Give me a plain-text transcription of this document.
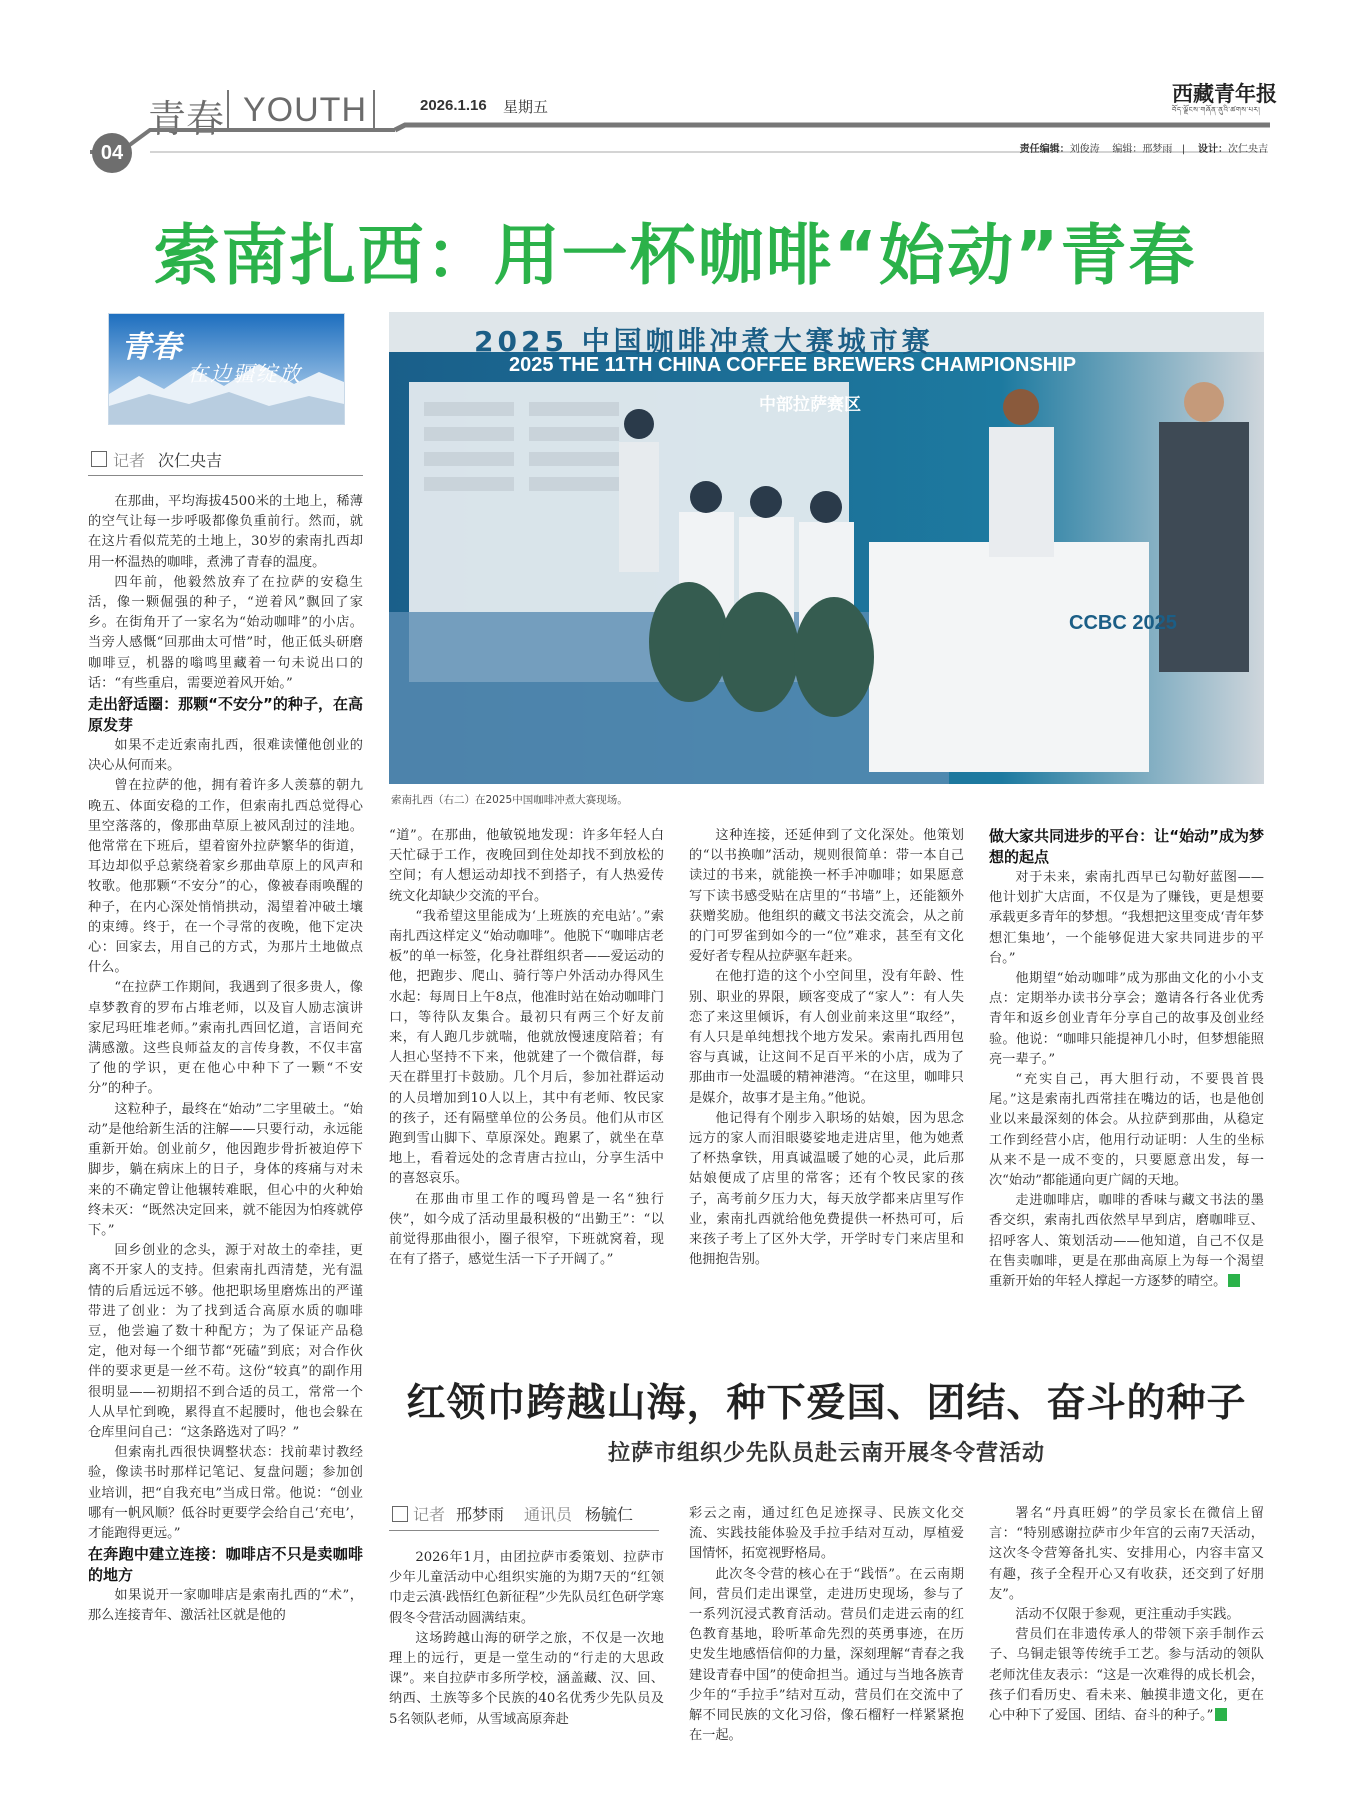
青春 YOUTH	2026.1.16 星期五
西藏青年报
བོད་ལྗོངས་གཞོན་ནུའི་ཚགས་པར།
04	责任编辑：刘俊涛 编辑：邢梦雨   |    设计：次仁央吉
索南扎西：用一杯咖啡“始动”青春
青春
在边疆绽放
记者 次仁央吉

在那曲，平均海拔4500米的土地上，稀薄的空气让每一步呼吸都像负重前行。然而，就在这片看似荒芜的土地上，30岁的索南扎西却用一杯温热的咖啡，煮沸了青春的温度。

四年前，他毅然放弃了在拉萨的安稳生活，像一颗倔强的种子，“逆着风”飘回了家乡。在街角开了一家名为“始动咖啡”的小店。当旁人感慨“回那曲太可惜”时，他正低头研磨咖啡豆，机器的嗡鸣里藏着一句未说出口的话：“有些重启，需要逆着风开始。”

走出舒适圈：那颗“不安分”的种子，在高原发芽

如果不走近索南扎西，很难读懂他创业的决心从何而来。

曾在拉萨的他，拥有着许多人羡慕的朝九晚五、体面安稳的工作，但索南扎西总觉得心里空落落的，像那曲草原上被风刮过的洼地。他常常在下班后，望着窗外拉萨繁华的街道，耳边却似乎总萦绕着家乡那曲草原上的风声和牧歌。他那颗“不安分”的心，像被春雨唤醒的种子，在内心深处悄悄拱动，渴望着冲破土壤的束缚。终于，在一个寻常的夜晚，他下定决心：回家去，用自己的方式，为那片土地做点什么。

“在拉萨工作期间，我遇到了很多贵人，像卓梦教育的罗布占堆老师，以及盲人励志演讲家尼玛旺堆老师。”索南扎西回忆道，言语间充满感激。这些良师益友的言传身教，不仅丰富了他的学识，更在他心中种下了一颗“不安分”的种子。

这粒种子，最终在“始动”二字里破土。“始动”是他给新生活的注解——只要行动，永远能重新开始。创业前夕，他因跑步骨折被迫停下脚步，躺在病床上的日子，身体的疼痛与对未来的不确定曾让他辗转难眠，但心中的火种始终未灭：“既然决定回来，就不能因为怕疼就停下。”

回乡创业的念头，源于对故土的牵挂，更离不开家人的支持。但索南扎西清楚，光有温情的后盾远远不够。他把职场里磨炼出的严谨带进了创业：为了找到适合高原水质的咖啡豆，他尝遍了数十种配方；为了保证产品稳定，他对每一个细节都“死磕”到底；对合作伙伴的要求更是一丝不苟。这份“较真”的副作用很明显——初期招不到合适的员工，常常一个人从早忙到晚，累得直不起腰时，他也会躲在仓库里问自己：“这条路选对了吗？”

但索南扎西很快调整状态：找前辈讨教经验，像读书时那样记笔记、复盘问题；参加创业培训，把“自我充电”当成日常。他说：“创业哪有一帆风顺？低谷时更要学会给自己‘充电’，才能跑得更远。”

在奔跑中建立连接：咖啡店不只是卖咖啡的地方

如果说开一家咖啡店是索南扎西的“术”，那么连接青年、激活社区就是他的

2025 中国咖啡冲煮大赛城市赛
2025 THE 11TH CHINA COFFEE BREWERS CHAMPIONSHIP
中部拉萨赛区
CCBC 2025
索南扎西（右二）在2025中国咖啡冲煮大赛现场。

“道”。在那曲，他敏锐地发现：许多年轻人白天忙碌于工作，夜晚回到住处却找不到放松的空间；有人想运动却找不到搭子，有人热爱传统文化却缺少交流的平台。

“我希望这里能成为‘上班族的充电站’。”索南扎西这样定义“始动咖啡”。他脱下“咖啡店老板”的单一标签，化身社群组织者——爱运动的他，把跑步、爬山、骑行等户外活动办得风生水起：每周日上午8点，他准时站在始动咖啡门口，等待队友集合。最初只有两三个好友前来，有人跑几步就喘，他就放慢速度陪着；有人担心坚持不下来，他就建了一个微信群，每天在群里打卡鼓励。几个月后，参加社群运动的人员增加到10人以上，其中有老师、牧民家的孩子，还有隔壁单位的公务员。他们从市区跑到雪山脚下、草原深处。跑累了，就坐在草地上，看着远处的念青唐古拉山，分享生活中的喜怒哀乐。

在那曲市里工作的嘎玛曾是一名“独行侠”，如今成了活动里最积极的“出勤王”：“以前觉得那曲很小，圈子很窄，下班就窝着，现在有了搭子，感觉生活一下子开阔了。”

这种连接，还延伸到了文化深处。他策划的“以书换咖”活动，规则很简单：带一本自己读过的书来，就能换一杯手冲咖啡；如果愿意写下读书感受贴在店里的“书墙”上，还能额外获赠奖励。他组织的藏文书法交流会，从之前的门可罗雀到如今的一“位”难求，甚至有文化爱好者专程从拉萨驱车赶来。

在他打造的这个小空间里，没有年龄、性别、职业的界限，顾客变成了“家人”：有人失恋了来这里倾诉，有人创业前来这里“取经”，有人只是单纯想找个地方发呆。索南扎西用包容与真诚，让这间不足百平米的小店，成为了那曲市一处温暖的精神港湾。“在这里，咖啡只是媒介，故事才是主角。”他说。

他记得有个刚步入职场的姑娘，因为思念远方的家人而泪眼婆娑地走进店里，他为她煮了杯热拿铁，用真诚温暖了她的心灵，此后那姑娘便成了店里的常客；还有个牧民家的孩子，高考前夕压力大，每天放学都来店里写作业，索南扎西就给他免费提供一杯热可可，后来孩子考上了区外大学，开学时专门来店里和他拥抱告别。

做大家共同进步的平台：让“始动”成为梦想的起点

对于未来，索南扎西早已勾勒好蓝图——他计划扩大店面，不仅是为了赚钱，更是想要承载更多青年的梦想。“我想把这里变成‘青年梦想汇集地’，一个能够促进大家共同进步的平台。”

他期望“始动咖啡”成为那曲文化的小小支点：定期举办读书分享会；邀请各行各业优秀青年和返乡创业青年分享自己的故事及创业经验。他说：“咖啡只能提神几小时，但梦想能照亮一辈子。”

“充实自己，再大胆行动，不要畏首畏尾。”这是索南扎西常挂在嘴边的话，也是他创业以来最深刻的体会。从拉萨到那曲，从稳定工作到经营小店，他用行动证明：人生的坐标从来不是一成不变的，只要愿意出发，每一次“始动”都能通向更广阔的天地。

走进咖啡店，咖啡的香味与藏文书法的墨香交织，索南扎西依然早早到店，磨咖啡豆、招呼客人、策划活动——他知道，自己不仅是在售卖咖啡，更是在那曲高原上为每一个渴望重新开始的年轻人撑起一方逐梦的晴空。

红领巾跨越山海，种下爱国、团结、奋斗的种子
拉萨市组织少先队员赴云南开展冬令营活动
记者 邢梦雨 通讯员 杨毓仁

2026年1月，由团拉萨市委策划、拉萨市少年儿童活动中心组织实施的为期7天的“红领巾走云滇·践悟红色新征程”少先队员红色研学寒假冬令营活动圆满结束。

这场跨越山海的研学之旅，不仅是一次地理上的远行，更是一堂生动的“行走的大思政课”。来自拉萨市多所学校，涵盖藏、汉、回、纳西、土族等多个民族的40名优秀少先队员及5名领队老师，从雪域高原奔赴

彩云之南，通过红色足迹探寻、民族文化交流、实践技能体验及手拉手结对互动，厚植爱国情怀，拓宽视野格局。

此次冬令营的核心在于“践悟”。在云南期间，营员们走出课堂，走进历史现场，参与了一系列沉浸式教育活动。营员们走进云南的红色教育基地，聆听革命先烈的英勇事迹，在历史发生地感悟信仰的力量，深刻理解“青春之我建设青春中国”的使命担当。通过与当地各族青少年的“手拉手”结对互动，营员们在交流中了解不同民族的文化习俗，像石榴籽一样紧紧抱在一起。

署名“丹真旺姆”的学员家长在微信上留言：“特别感谢拉萨市少年宫的云南7天活动，这次冬令营筹备扎实、安排用心，内容丰富又有趣，孩子全程开心又有收获，还交到了好朋友”。

活动不仅限于参观，更注重动手实践。

营员们在非遗传承人的带领下亲手制作云子、乌铜走银等传统手工艺。参与活动的领队老师沈佳友表示：“这是一次难得的成长机会，孩子们看历史、看未来、触摸非遗文化，更在心中种下了爱国、团结、奋斗的种子。”
